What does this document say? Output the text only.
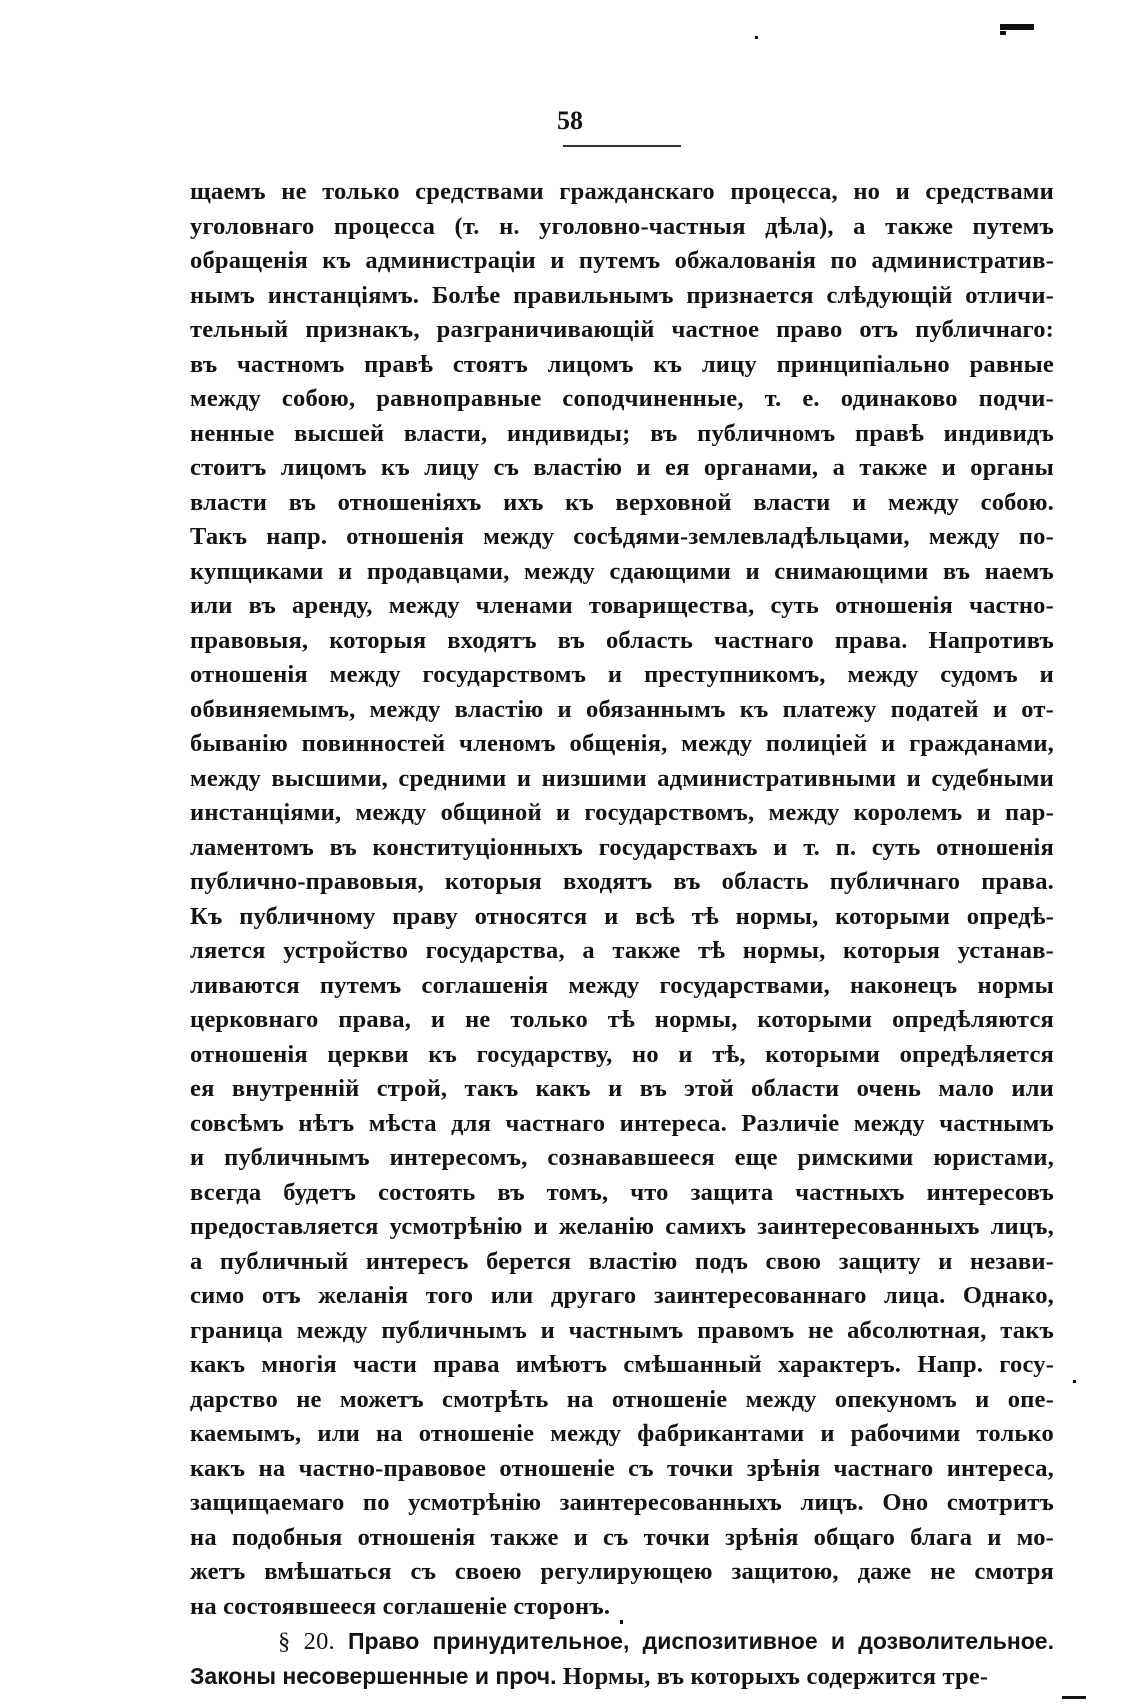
58
щаемъ не только средствами гражданскаго процесса, но и средствами
уголовнаго процесса (т. н. уголовно-частныя дѣла), а также путемъ
обращенія къ администраціи и путемъ обжалованія по административ-
нымъ инстанціямъ. Болѣе правильнымъ признается слѣдующій отличи-
тельный признакъ, разграничивающій частное право отъ публичнаго:
въ частномъ правѣ стоятъ лицомъ къ лицу принципіально равные
между собою, равноправные соподчиненные, т. е. одинаково подчи-
ненные высшей власти, индивиды; въ публичномъ правѣ индивидъ
стоитъ лицомъ къ лицу съ властію и ея органами, а также и органы
власти въ отношеніяхъ ихъ къ верховной власти и между собою.
Такъ напр. отношенія между сосѣдями-землевладѣльцами, между по-
купщиками и продавцами, между сдающими и снимающими въ наемъ
или въ аренду, между членами товарищества, суть отношенія частно-
правовыя, которыя входятъ въ область частнаго права. Напротивъ
отношенія между государствомъ и преступникомъ, между судомъ и
обвиняемымъ, между властію и обязаннымъ къ платежу податей и от-
быванію повинностей членомъ общенія, между полиціей и гражданами,
между высшими, средними и низшими административными и судебными
инстанціями, между общиной и государствомъ, между королемъ и пар-
ламентомъ въ конституціонныхъ государствахъ и т. п. суть отношенія
публично-правовыя, которыя входятъ въ область публичнаго права.
Къ публичному праву относятся и всѣ тѣ нормы, которыми опредѣ-
ляется устройство государства, а также тѣ нормы, которыя устанав-
ливаются путемъ соглашенія между государствами, наконецъ нормы
церковнаго права, и не только тѣ нормы, которыми опредѣляются
отношенія церкви къ государству, но и тѣ, которыми опредѣляется
ея внутренній строй, такъ какъ и въ этой области очень мало или
совсѣмъ нѣтъ мѣста для частнаго интереса. Различіе между частнымъ
и публичнымъ интересомъ, сознававшееся еще римскими юристами,
всегда будетъ состоять въ томъ, что защита частныхъ интересовъ
предоставляется усмотрѣнію и желанію самихъ заинтересованныхъ лицъ,
а публичный интересъ берется властію подъ свою защиту и незави-
симо отъ желанія того или другаго заинтересованнаго лица. Однако,
граница между публичнымъ и частнымъ правомъ не абсолютная, такъ
какъ многія части права имѣютъ смѣшанный характеръ. Напр. госу-
дарство не можетъ смотрѣть на отношеніе между опекуномъ и опе-
каемымъ, или на отношеніе между фабрикантами и рабочими только
какъ на частно-правовое отношеніе съ точки зрѣнія частнаго интереса,
защищаемаго по усмотрѣнію заинтересованныхъ лицъ. Оно смотритъ
на подобныя отношенія также и съ точки зрѣнія общаго блага и мо-
жетъ вмѣшаться съ своею регулирующею защитою, даже не смотря
на состоявшееся соглашеніе сторонъ.
§ 20. Право принудительное, диспозитивное и дозволительное.
Законы несовершенные и проч. Нормы, въ которыхъ содержится тре-
